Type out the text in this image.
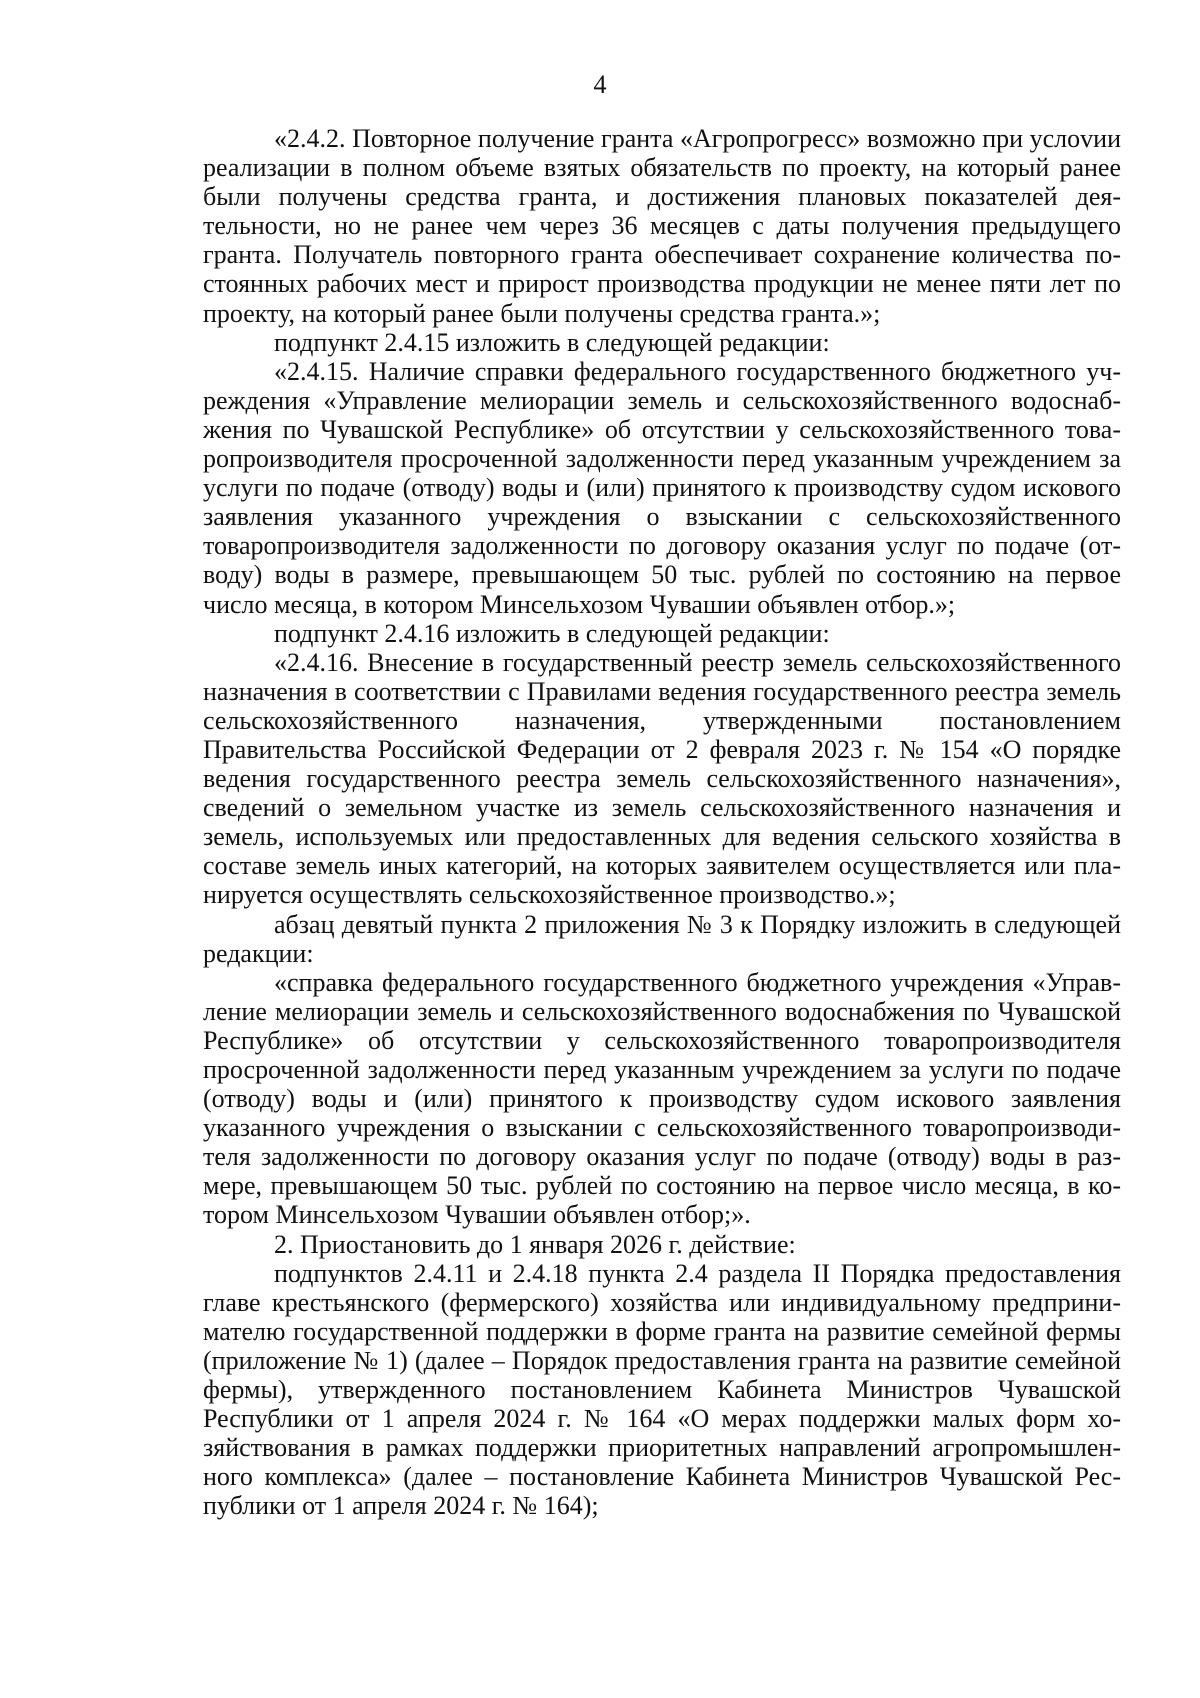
4

«2.4.2. Повторное получение гранта «Агропрогресс» возможно при услоvии реализации в полном объеме взятых обязательств по проекту, на который ранее были получены средства гранта, и достижения плановых показателей деятельности, но не ранее чем через 36 месяцев с даты получения предыдущего гранта. Получатель повторного гранта обеспечивает сохранение количества постоянных рабочих мест и прирост производства продукции не менее пяти лет по проекту, на который ранее были получены средства гранта.»;

подпункт 2.4.15 изложить в следующей редакции:

«2.4.15. Наличие справки федерального государственного бюджетного учреждения «Управление мелиорации земель и сельскохозяйственного водоснабжения по Чувашской Республике» об отсутствии у сельскохозяйственного товаропроизводителя просроченной задолженности перед указанным учреждением за услуги по подаче (отводу) воды и (или) принятого к производству судом искового заявления указанного учреждения о взыскании с сельскохозяйственного товаропроизводителя задолженности по договору оказания услуг по подаче (отводу) воды в размере, превышающем 50 тыс. рублей по состоянию на первое число месяца, в котором Минсельхозом Чувашии объявлен отбор.»;

подпункт 2.4.16 изложить в следующей редакции:

«2.4.16. Внесение в государственный реестр земель сельскохозяйственного назначения в соответствии с Правилами ведения государственного реестра земель сельскохозяйственного назначения, утвержденными постановлением Правительства Российской Федерации от 2 февраля 2023 г. № 154 «О порядке ведения государственного реестра земель сельскохозяйственного назначения», сведений о земельном участке из земель сельскохозяйственного назначения и земель, используемых или предоставленных для ведения сельского хозяйства в составе земель иных категорий, на которых заявителем осуществляется или планируется осуществлять сельскохозяйственное производство.»;

абзац девятый пункта 2 приложения № 3 к Порядку изложить в следующей редакции:

«справка федерального государственного бюджетного учреждения «Управление мелиорации земель и сельскохозяйственного водоснабжения по Чувашской Республике» об отсутствии у сельскохозяйственного товаропроизводителя просроченной задолженности перед указанным учреждением за услуги по подаче (отводу) воды и (или) принятого к производству судом искового заявления указанного учреждения о взыскании с сельскохозяйственного товаропроизводителя задолженности по договору оказания услуг по подаче (отводу) воды в размере, превышающем 50 тыс. рублей по состоянию на первое число месяца, в котором Минсельхозом Чувашии объявлен отбор;».

2. Приостановить до 1 января 2026 г. действие:

подпунктов 2.4.11 и 2.4.18 пункта 2.4 раздела II Порядка предоставления главе крестьянского (фермерского) хозяйства или индивидуальному предпринимателю государственной поддержки в форме гранта на развитие семейной фермы (приложение № 1) (далее – Порядок предоставления гранта на развитие семейной фермы), утвержденного постановлением Кабинета Министров Чувашской Республики от 1 апреля 2024 г. № 164 «О мерах поддержки малых форм хозяйствования в рамках поддержки приоритетных направлений агропромышленного комплекса» (далее – постановление Кабинета Министров Чувашской Республики от 1 апреля 2024 г. № 164);
